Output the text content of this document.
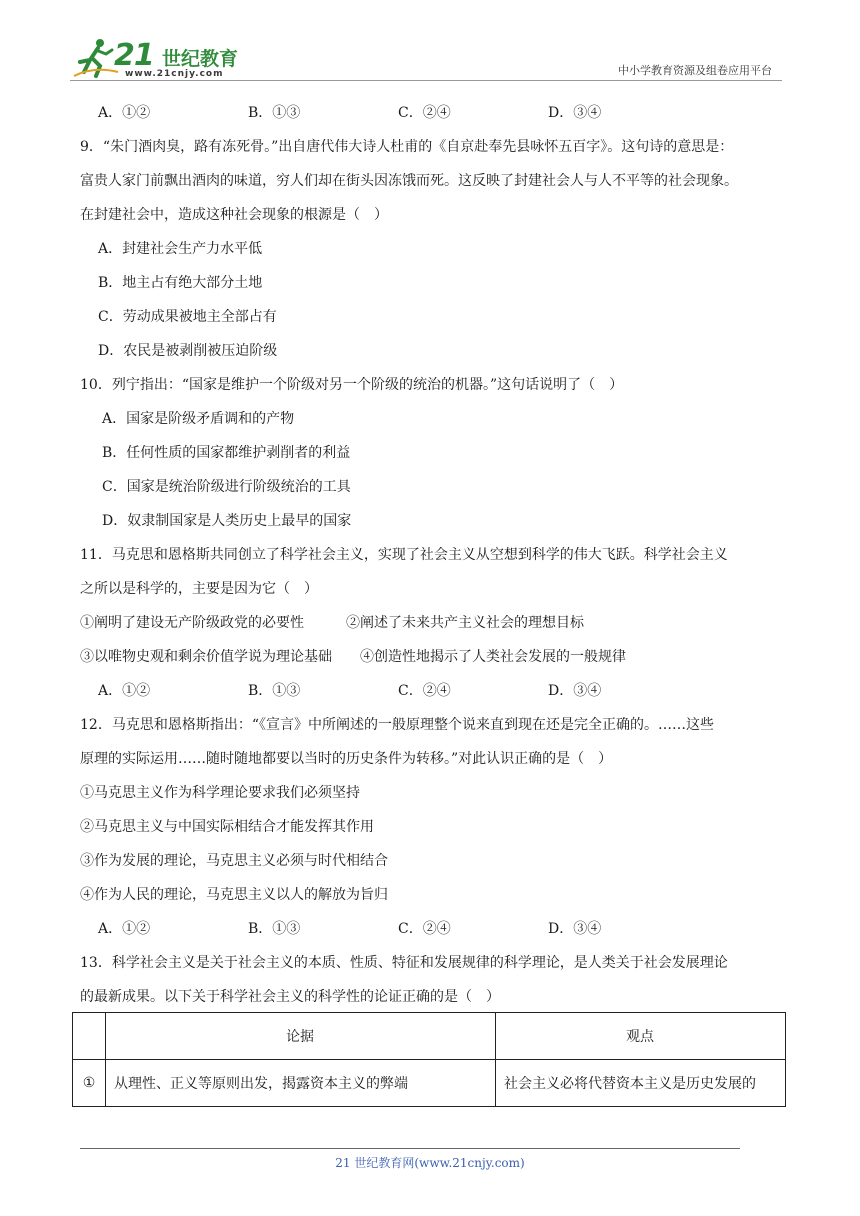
21 世纪教育
www.21cnjy.com	中小学教育资源及组卷应用平台
A．①②	B．①③	C．②④	D．③④
9．“朱门酒肉臭，路有冻死骨。”出自唐代伟大诗人杜甫的《自京赴奉先县咏怀五百字》。这句诗的意思是：
富贵人家门前飘出酒肉的味道，穷人们却在街头因冻饿而死。这反映了封建社会人与人不平等的社会现象。
在封建社会中，造成这种社会现象的根源是（　）
A．封建社会生产力水平低
B．地主占有绝大部分土地
C．劳动成果被地主全部占有
D．农民是被剥削被压迫阶级
10．列宁指出：“国家是维护一个阶级对另一个阶级的统治的机器。”这句话说明了（　）
A．国家是阶级矛盾调和的产物
B．任何性质的国家都维护剥削者的利益
C．国家是统治阶级进行阶级统治的工具
D．奴隶制国家是人类历史上最早的国家
11．马克思和恩格斯共同创立了科学社会主义，实现了社会主义从空想到科学的伟大飞跃。科学社会主义
之所以是科学的，主要是因为它（　）
①阐明了建设无产阶级政党的必要性　　　②阐述了未来共产主义社会的理想目标
③以唯物史观和剩余价值学说为理论基础　　④创造性地揭示了人类社会发展的一般规律
A．①②	B．①③	C．②④	D．③④
12．马克思和恩格斯指出：“《宣言》中所阐述的一般原理整个说来直到现在还是完全正确的。……这些
原理的实际运用……随时随地都要以当时的历史条件为转移。”对此认识正确的是（　）
①马克思主义作为科学理论要求我们必须坚持
②马克思主义与中国实际相结合才能发挥其作用
③作为发展的理论，马克思主义必须与时代相结合
④作为人民的理论，马克思主义以人的解放为旨归
A．①②	B．①③	C．②④	D．③④
13．科学社会主义是关于社会主义的本质、性质、特征和发展规律的科学理论，是人类关于社会发展理论
的最新成果。以下关于科学社会主义的科学性的论证正确的是（　）
	论据	观点
①	从理性、正义等原则出发，揭露资本主义的弊端	社会主义必将代替资本主义是历史发展的
21 世纪教育网(www.21cnjy.com)
